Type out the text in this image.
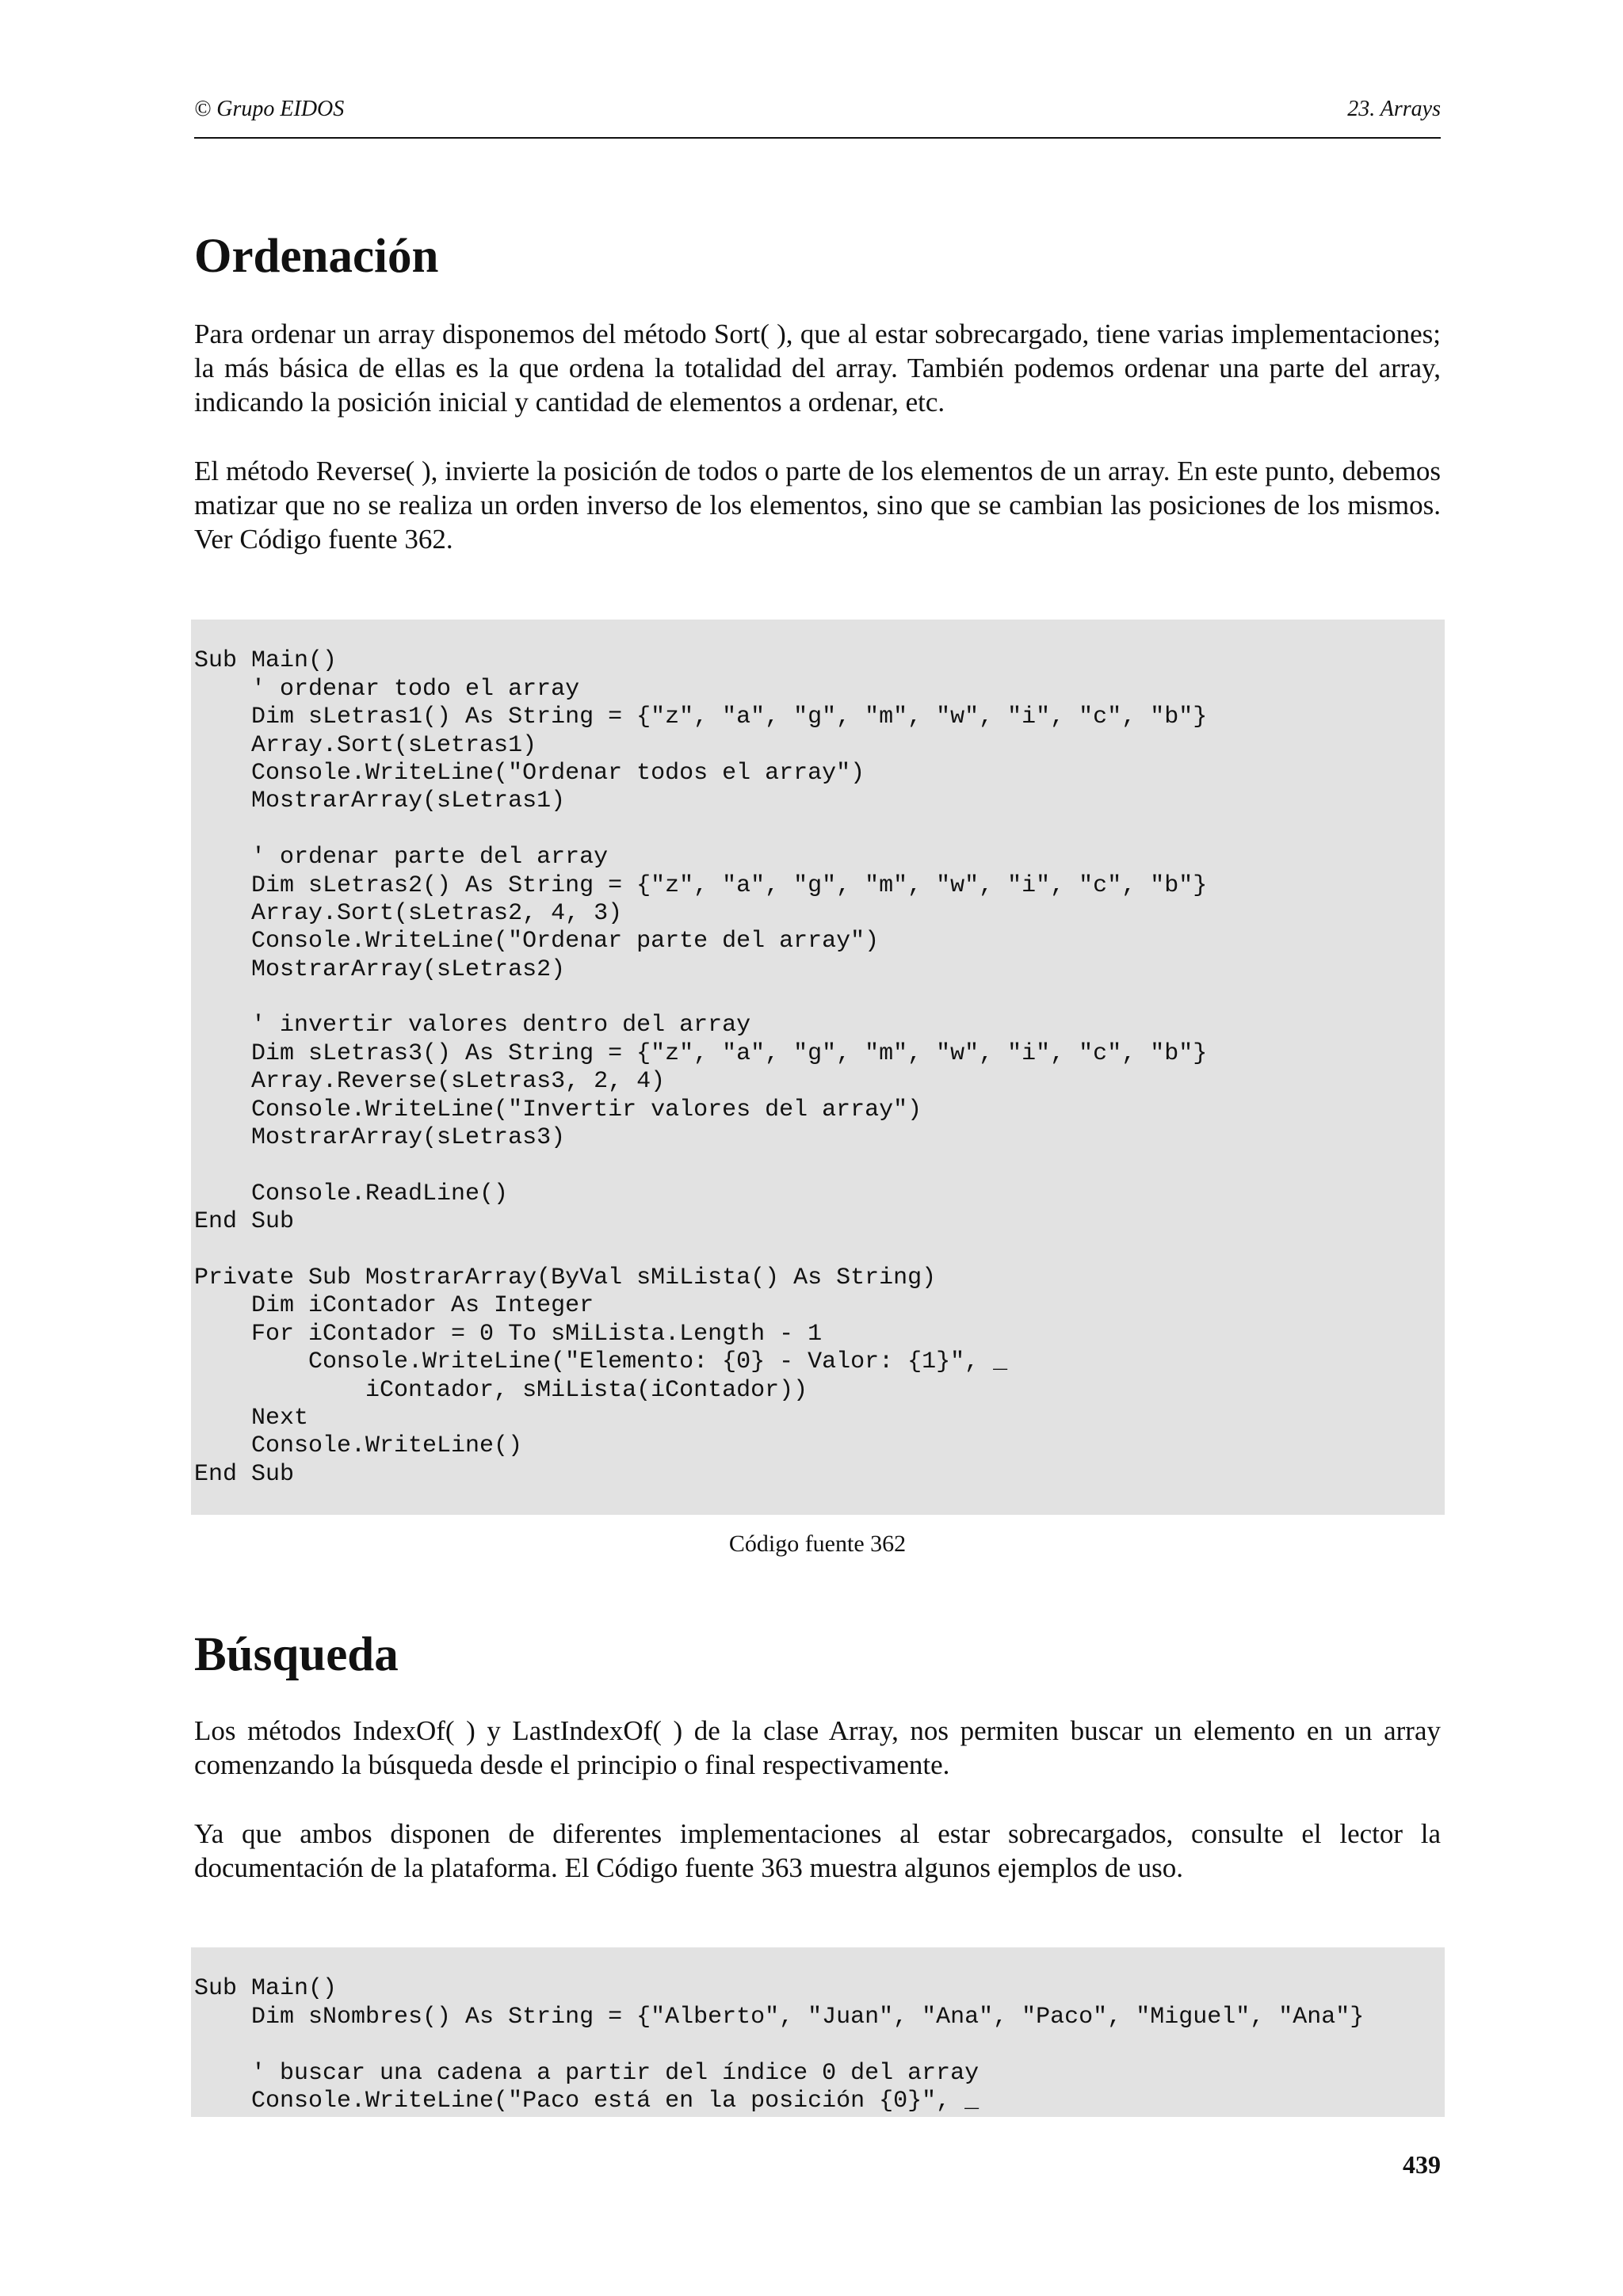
© Grupo EIDOS	23. Arrays
Ordenación

Para ordenar un array disponemos del método Sort( ), que al estar sobrecargado, tiene varias implementaciones; la más básica de ellas es la que ordena la totalidad del array. También podemos ordenar una parte del array, indicando la posición inicial y cantidad de elementos a ordenar, etc.

El método Reverse( ), invierte la posición de todos o parte de los elementos de un array. En este punto, debemos matizar que no se realiza un orden inverso de los elementos, sino que se cambian las posiciones de los mismos. Ver Código fuente 362.

Sub Main()
' ordenar todo el array
Dim sLetras1() As String = {"z", "a", "g", "m", "w", "i", "c", "b"}
Array.Sort(sLetras1)
Console.WriteLine("Ordenar todos el array")
MostrarArray(sLetras1)
' ordenar parte del array
Dim sLetras2() As String = {"z", "a", "g", "m", "w", "i", "c", "b"}
Array.Sort(sLetras2, 4, 3)
Console.WriteLine("Ordenar parte del array")
MostrarArray(sLetras2)
' invertir valores dentro del array
Dim sLetras3() As String = {"z", "a", "g", "m", "w", "i", "c", "b"}
Array.Reverse(sLetras3, 2, 4)
Console.WriteLine("Invertir valores del array")
MostrarArray(sLetras3)
Console.ReadLine()
End Sub
Private Sub MostrarArray(ByVal sMiLista() As String)
Dim iContador As Integer
For iContador = 0 To sMiLista.Length - 1
Console.WriteLine("Elemento: {0} - Valor: {1}", _
iContador, sMiLista(iContador))
Next
Console.WriteLine()
End Sub
Código fuente 362
Búsqueda

Los métodos IndexOf( ) y LastIndexOf( ) de la clase Array, nos permiten buscar un elemento en un array comenzando la búsqueda desde el principio o final respectivamente.

Ya que ambos disponen de diferentes implementaciones al estar sobrecargados, consulte el lector la documentación de la plataforma. El Código fuente 363 muestra algunos ejemplos de uso.

Sub Main()
Dim sNombres() As String = {"Alberto", "Juan", "Ana", "Paco", "Miguel", "Ana"}
' buscar una cadena a partir del índice 0 del array
Console.WriteLine("Paco está en la posición {0}", _
439
